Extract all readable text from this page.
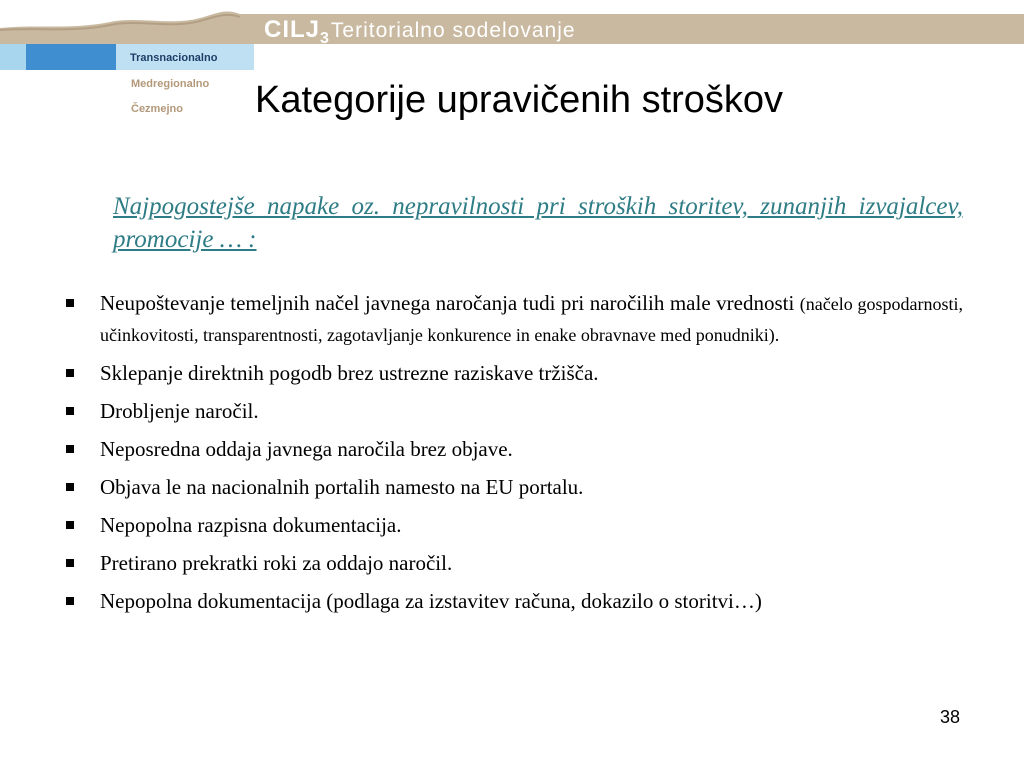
CILJ 3 Teritorialno sodelovanje
Transnacionalno
Medregionalno
Čezmejno Kategorije upravičenih stroškov
Najpogostejše napake oz. nepravilnosti pri stroških storitev, zunanjih izvajalcev, promocije … :
Neupoštevanje temeljnih načel javnega naročanja tudi pri naročilih male vrednosti (načelo gospodarnosti, učinkovitosti, transparentnosti, zagotavljanje konkurence in enake obravnave med ponudniki).
Sklepanje direktnih pogodb brez ustrezne raziskave tržišča.
Drobljenje naročil.
Neposredna oddaja javnega naročila brez objave.
Objava le na nacionalnih portalih namesto na EU portalu.
Nepopolna razpisna dokumentacija.
Pretirano prekratki roki za oddajo naročil.
Nepopolna dokumentacija (podlaga za izstavitev računa, dokazilo o storitvi…)
38
